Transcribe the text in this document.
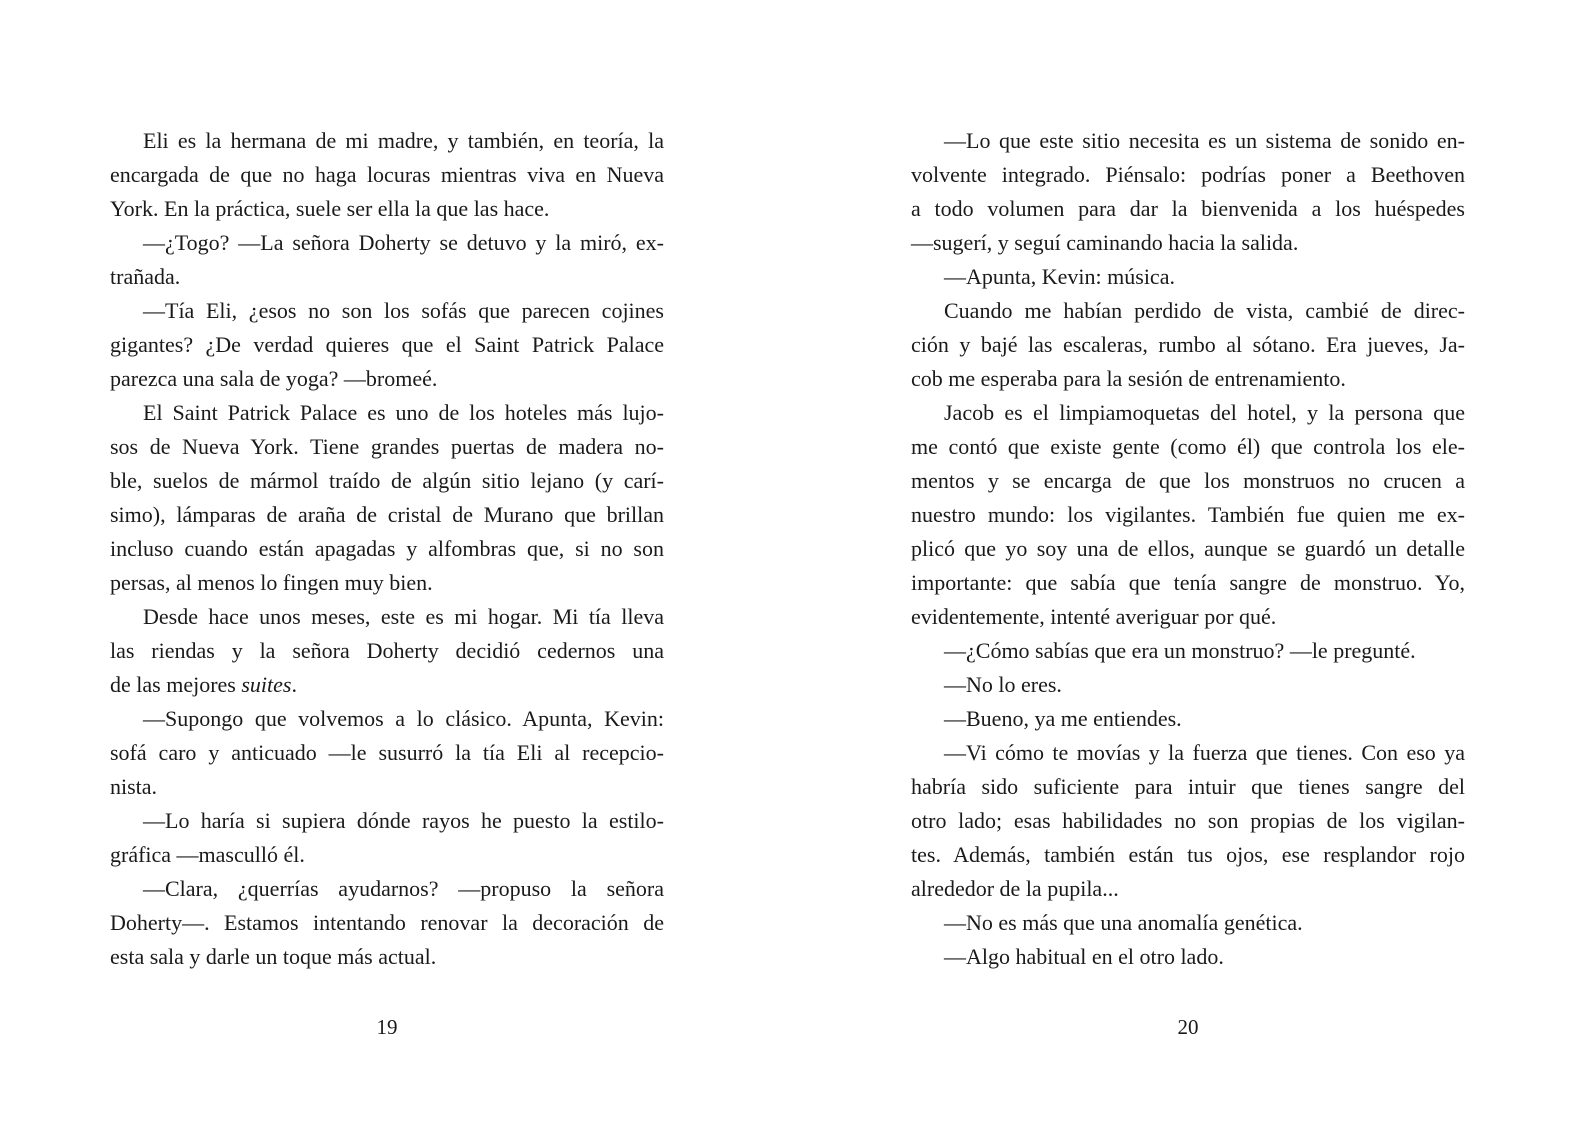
Eli es la hermana de mi madre, y también, en teoría, la
encargada de que no haga locuras mientras viva en Nueva
York. En la práctica, suele ser ella la que las hace.
—¿Togo? —La señora Doherty se detuvo y la miró, ex-
trañada.
—Tía Eli, ¿esos no son los sofás que parecen cojines
gigantes? ¿De verdad quieres que el Saint Patrick Palace
parezca una sala de yoga? —bromeé.
El Saint Patrick Palace es uno de los hoteles más lujo-
sos de Nueva York. Tiene grandes puertas de madera no-
ble, suelos de mármol traído de algún sitio lejano (y carí-
simo), lámparas de araña de cristal de Murano que brillan
incluso cuando están apagadas y alfombras que, si no son
persas, al menos lo fingen muy bien.
Desde hace unos meses, este es mi hogar. Mi tía lleva
las riendas y la señora Doherty decidió cedernos una
de las mejores suites.
—Supongo que volvemos a lo clásico. Apunta, Kevin:
sofá caro y anticuado —le susurró la tía Eli al recepcio-
nista.
—Lo haría si supiera dónde rayos he puesto la estilo-
gráfica —masculló él.
—Clara, ¿querrías ayudarnos? —propuso la señora
Doherty—. Estamos intentando renovar la decoración de
esta sala y darle un toque más actual.
19
—Lo que este sitio necesita es un sistema de sonido en-
volvente integrado. Piénsalo: podrías poner a Beethoven
a todo volumen para dar la bienvenida a los huéspedes
—sugerí, y seguí caminando hacia la salida.
—Apunta, Kevin: música.
Cuando me habían perdido de vista, cambié de direc-
ción y bajé las escaleras, rumbo al sótano. Era jueves, Ja-
cob me esperaba para la sesión de entrenamiento.
Jacob es el limpiamoquetas del hotel, y la persona que
me contó que existe gente (como él) que controla los ele-
mentos y se encarga de que los monstruos no crucen a
nuestro mundo: los vigilantes. También fue quien me ex-
plicó que yo soy una de ellos, aunque se guardó un detalle
importante: que sabía que tenía sangre de monstruo. Yo,
evidentemente, intenté averiguar por qué.
—¿Cómo sabías que era un monstruo? —le pregunté.
—No lo eres.
—Bueno, ya me entiendes.
—Vi cómo te movías y la fuerza que tienes. Con eso ya
habría sido suficiente para intuir que tienes sangre del
otro lado; esas habilidades no son propias de los vigilan-
tes. Además, también están tus ojos, ese resplandor rojo
alrededor de la pupila...
—No es más que una anomalía genética.
—Algo habitual en el otro lado.
20
